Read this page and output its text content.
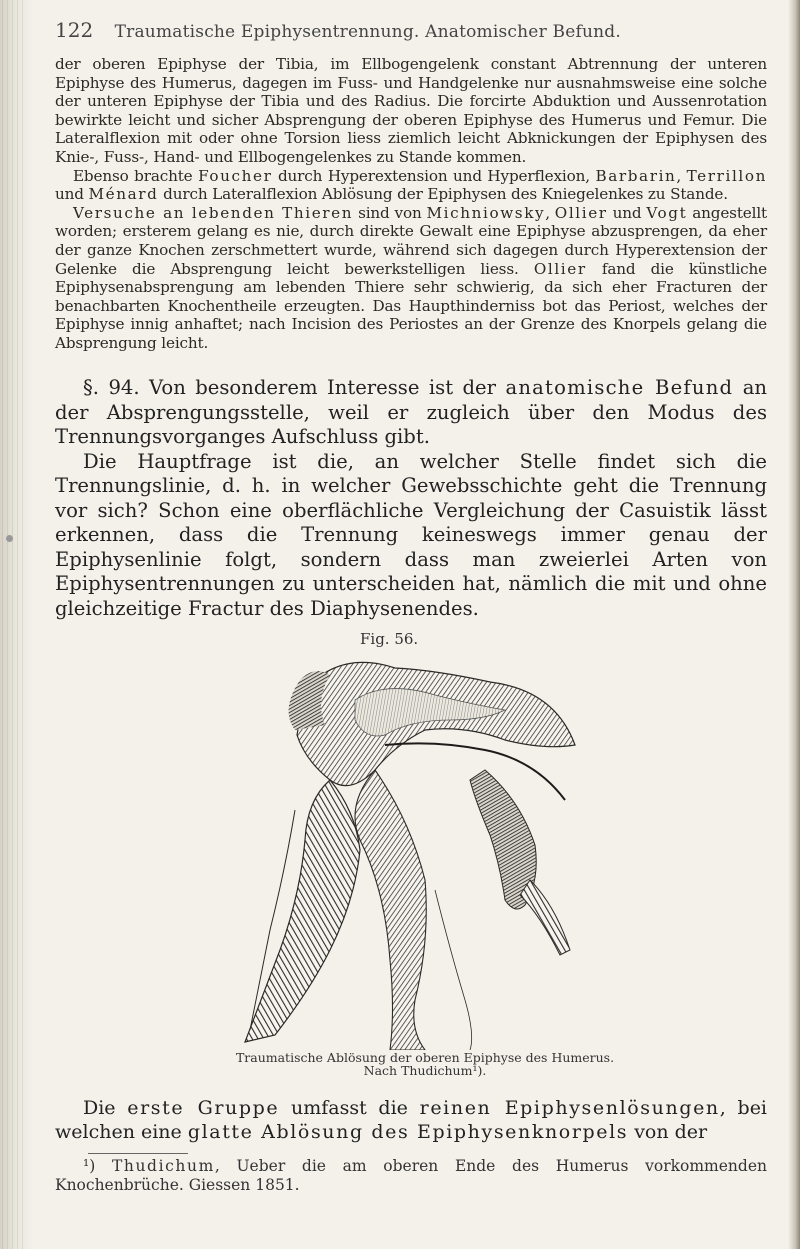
122 Traumatische Epiphysentrennung. Anatomischer Befund.

der oberen Epiphyse der Tibia, im Ellbogengelenk constant Abtrennung der unteren Epiphyse des Humerus, dagegen im Fuss- und Handgelenke nur ausnahmsweise eine solche der unteren Epiphyse der Tibia und des Radius. Die forcirte Abduktion und Aussenrotation bewirkte leicht und sicher Absprengung der oberen Epiphyse des Humerus und Femur. Die Lateralflexion mit oder ohne Torsion liess ziemlich leicht Abknickungen der Epiphysen des Knie-, Fuss-, Hand- und Ellbogengelenkes zu Stande kommen.

Ebenso brachte Foucher durch Hyperextension und Hyperflexion, Barbarin, Terrillon und Ménard durch Lateralflexion Ablösung der Epiphysen des Kniegelenkes zu Stande.

Versuche an lebenden Thieren sind von Michniowsky, Ollier und Vogt angestellt worden; ersterem gelang es nie, durch direkte Gewalt eine Epiphyse abzusprengen, da eher der ganze Knochen zerschmettert wurde, während sich dagegen durch Hyperextension der Gelenke die Absprengung leicht bewerkstelligen liess. Ollier fand die künstliche Epiphysenabsprengung am lebenden Thiere sehr schwierig, da sich eher Fracturen der benachbarten Knochentheile erzeugten. Das Haupthinderniss bot das Periost, welches der Epiphyse innig anhaftet; nach Incision des Periostes an der Grenze des Knorpels gelang die Absprengung leicht.

§. 94. Von besonderem Interesse ist der anatomische Befund an der Absprengungsstelle, weil er zugleich über den Modus des Trennungsvorganges Aufschluss gibt.

Die Hauptfrage ist die, an welcher Stelle findet sich die Trennungslinie, d. h. in welcher Gewebsschichte geht die Trennung vor sich? Schon eine oberflächliche Vergleichung der Casuistik lässt erkennen, dass die Trennung keineswegs immer genau der Epiphysenlinie folgt, sondern dass man zweierlei Arten von Epiphysentrennungen zu unterscheiden hat, nämlich die mit und ohne gleichzeitige Fractur des Diaphysenendes.

Fig. 56.
Traumatische Ablösung der oberen Epiphyse des Humerus.
Nach Thudichum¹).

Die erste Gruppe umfasst die reinen Epiphysenlösungen, bei welchen eine glatte Ablösung des Epiphysenknorpels von der

¹) Thudichum, Ueber die am oberen Ende des Humerus vorkommenden Knochenbrüche. Giessen 1851.
